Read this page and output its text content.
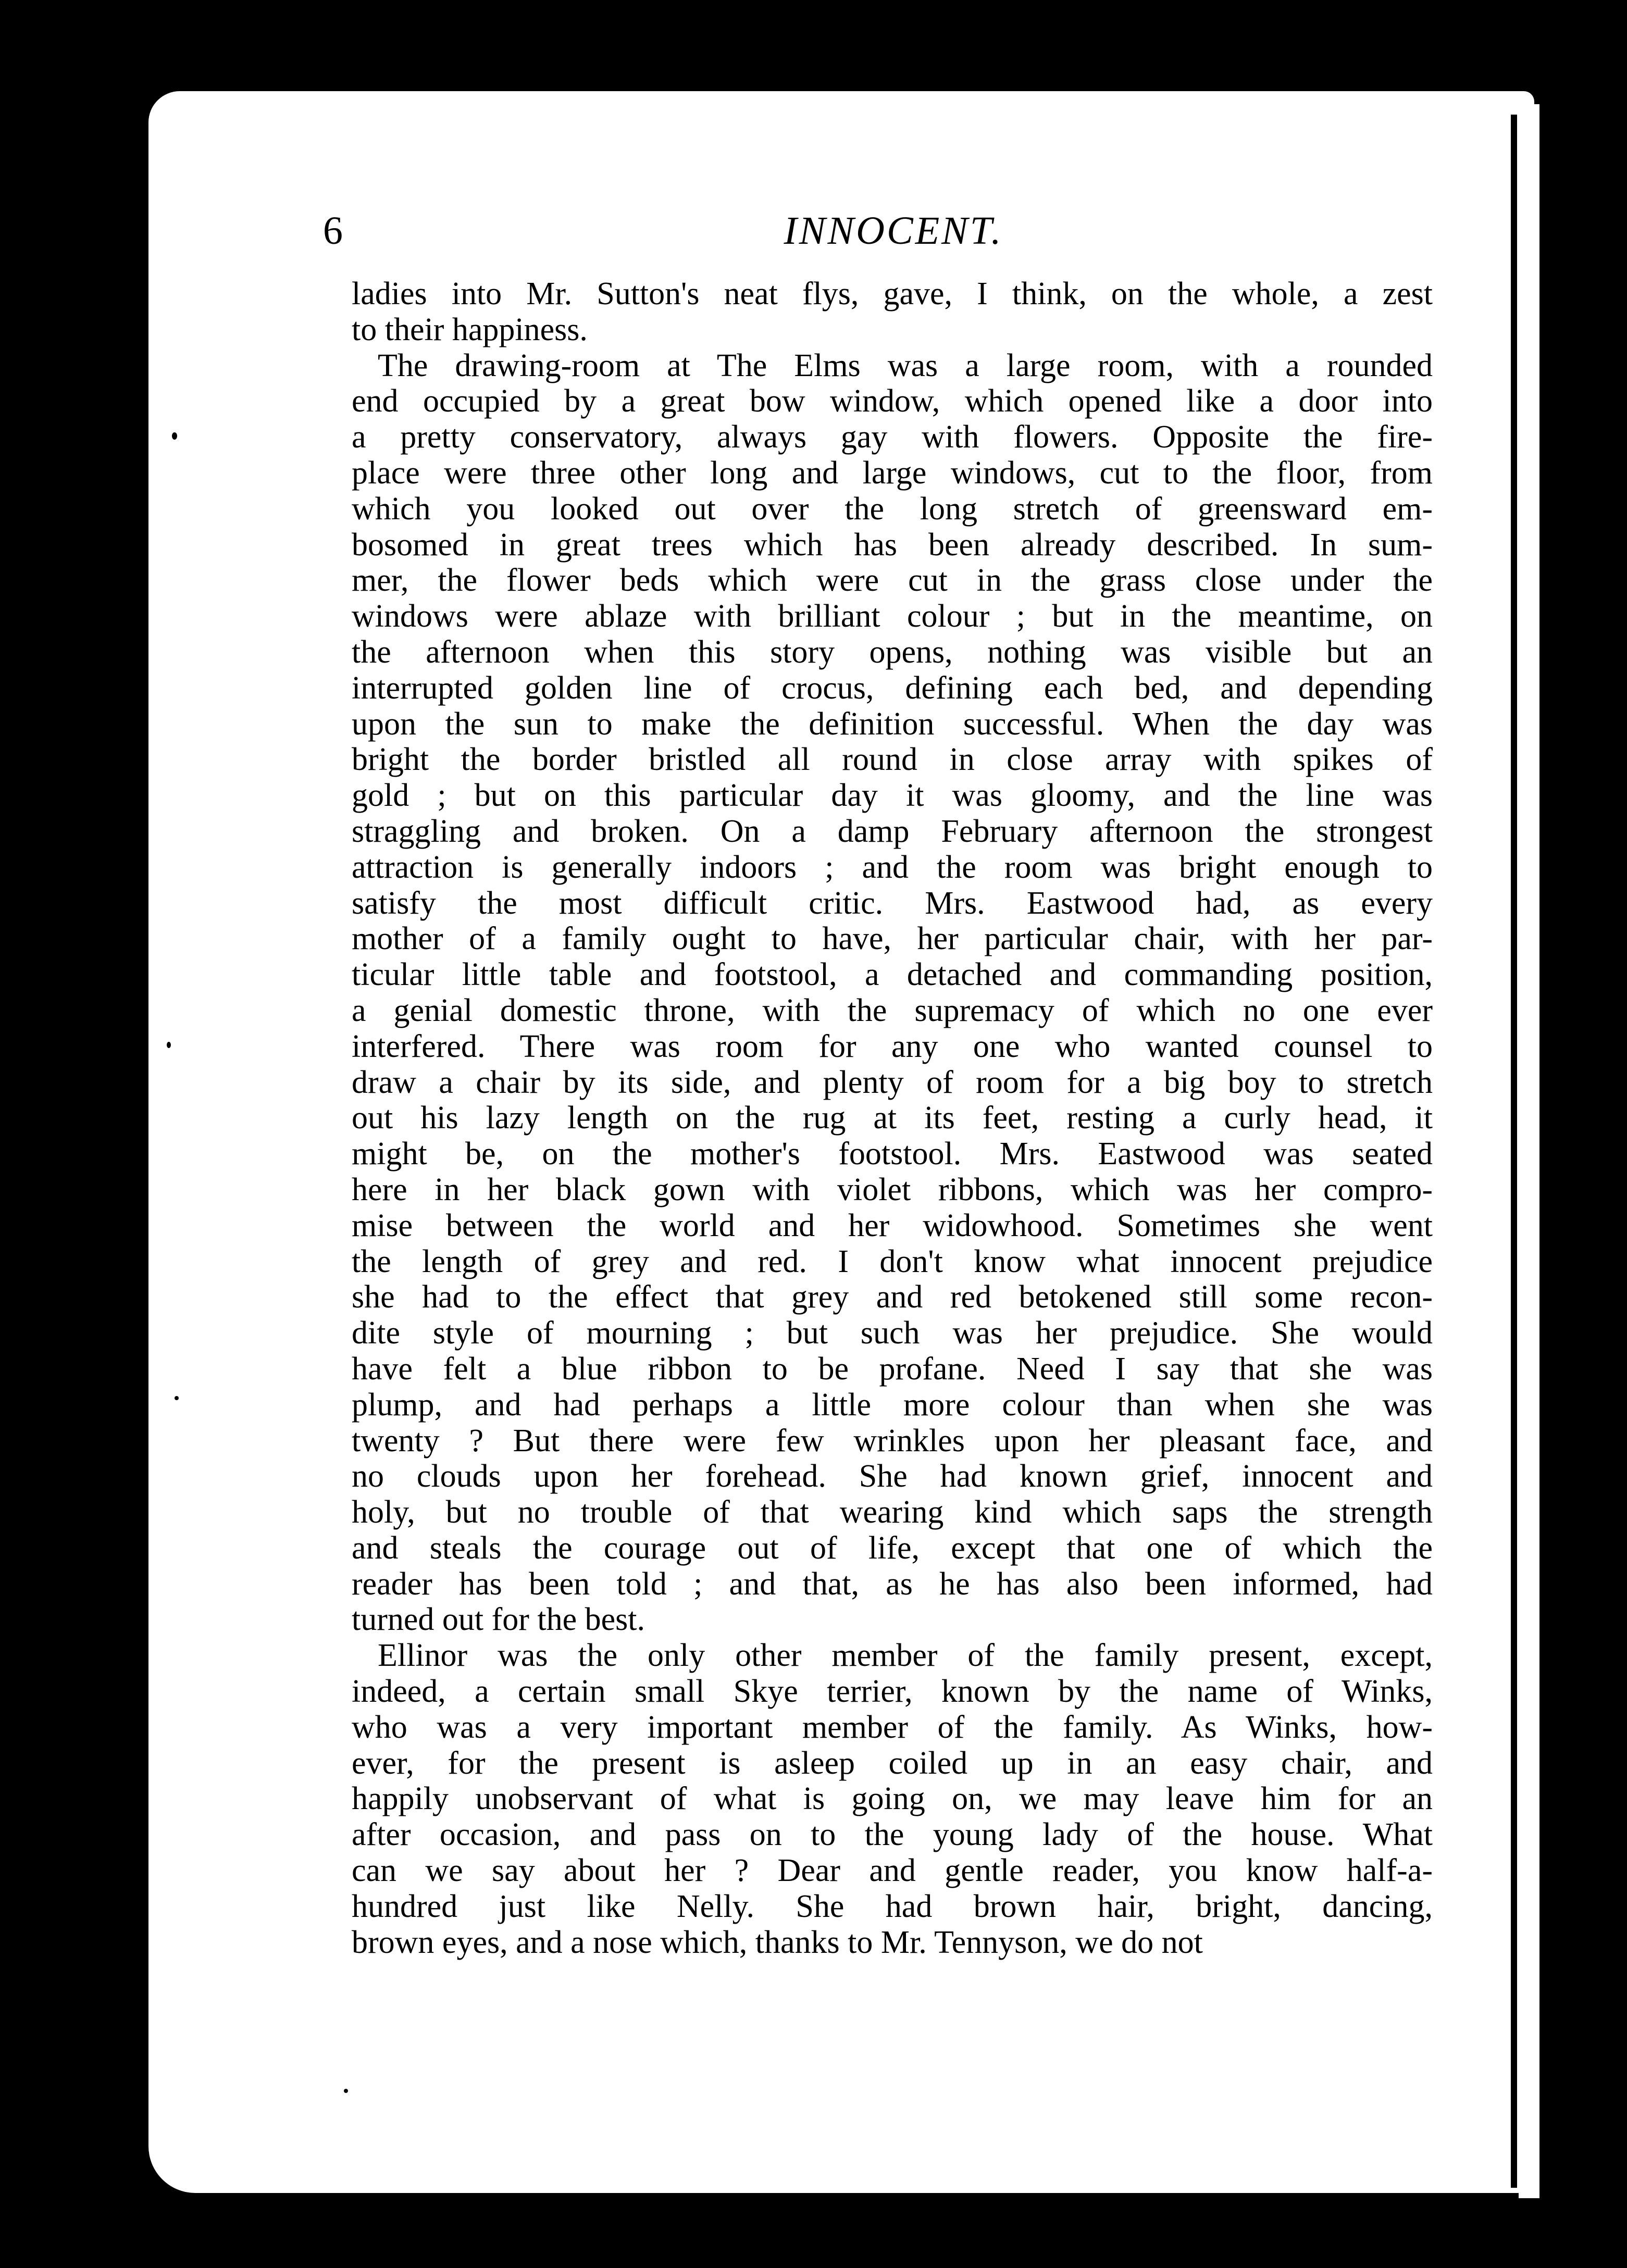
6	INNOCENT.
ladies into Mr. Sutton's neat flys, gave, I think, on the whole, a zest
to their happiness.
The drawing-room at The Elms was a large room, with a rounded
end occupied by a great bow window, which opened like a door into
a pretty conservatory, always gay with flowers. Opposite the fire-
place were three other long and large windows, cut to the floor, from
which you looked out over the long stretch of greensward em-
bosomed in great trees which has been already described. In sum-
mer, the flower beds which were cut in the grass close under the
windows were ablaze with brilliant colour ; but in the meantime, on
the afternoon when this story opens, nothing was visible but an
interrupted golden line of crocus, defining each bed, and depending
upon the sun to make the definition successful. When the day was
bright the border bristled all round in close array with spikes of
gold ; but on this particular day it was gloomy, and the line was
straggling and broken. On a damp February afternoon the strongest
attraction is generally indoors ; and the room was bright enough to
satisfy the most difficult critic. Mrs. Eastwood had, as every
mother of a family ought to have, her particular chair, with her par-
ticular little table and footstool, a detached and commanding position,
a genial domestic throne, with the supremacy of which no one ever
interfered. There was room for any one who wanted counsel to
draw a chair by its side, and plenty of room for a big boy to stretch
out his lazy length on the rug at its feet, resting a curly head, it
might be, on the mother's footstool. Mrs. Eastwood was seated
here in her black gown with violet ribbons, which was her compro-
mise between the world and her widowhood. Sometimes she went
the length of grey and red. I don't know what innocent prejudice
she had to the effect that grey and red betokened still some recon-
dite style of mourning ; but such was her prejudice. She would
have felt a blue ribbon to be profane. Need I say that she was
plump, and had perhaps a little more colour than when she was
twenty ? But there were few wrinkles upon her pleasant face, and
no clouds upon her forehead. She had known grief, innocent and
holy, but no trouble of that wearing kind which saps the strength
and steals the courage out of life, except that one of which the
reader has been told ; and that, as he has also been informed, had
turned out for the best.
Ellinor was the only other member of the family present, except,
indeed, a certain small Skye terrier, known by the name of Winks,
who was a very important member of the family. As Winks, how-
ever, for the present is asleep coiled up in an easy chair, and
happily unobservant of what is going on, we may leave him for an
after occasion, and pass on to the young lady of the house. What
can we say about her ? Dear and gentle reader, you know half-a-
hundred just like Nelly. She had brown hair, bright, dancing,
brown eyes, and a nose which, thanks to Mr. Tennyson, we do not
